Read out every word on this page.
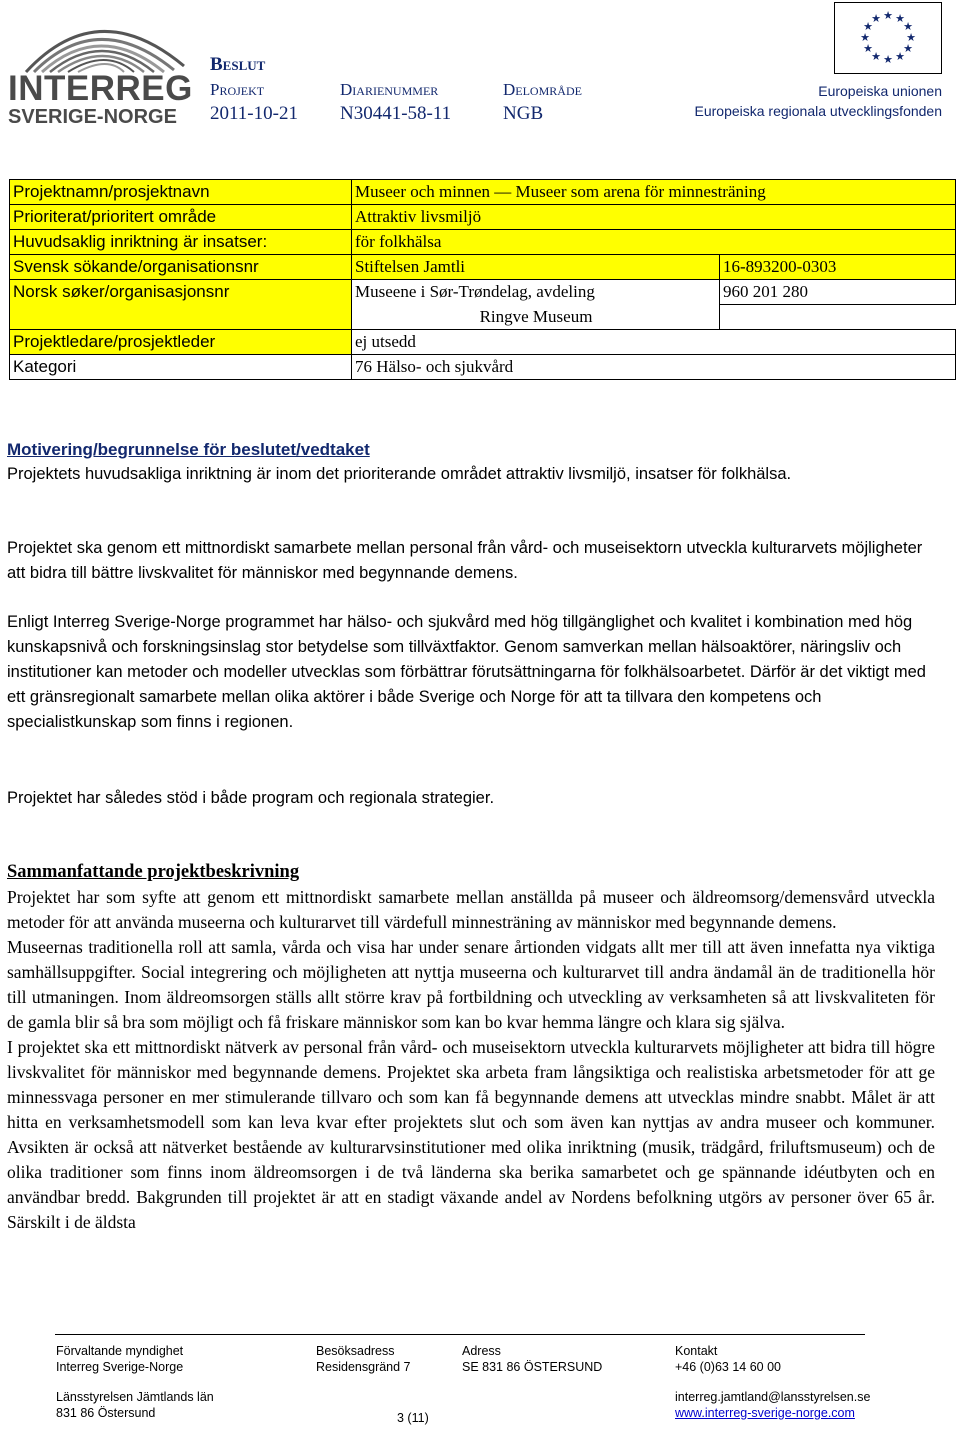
INTERREG
SVERIGE-NORGE
Beslut
Projekt	Diarienummer	Delområde
2011-10-21 N30441-58-11	NGB
★ ★
★
★
★
★
★
★
★
★
★
★
Europeiska unionen
Europeiska regionala utvecklingsfonden
Projektnamn/prosjektnavn	Museer och minnen — Museer som arena för minnesträning	
Prioriterat/prioritert område	Attraktiv livsmiljö	
Huvudsaklig inriktning är insatser:	för folkhälsa	
Svensk sökande/organisationsnr	Stiftelsen Jamtli	16-893200-0303
Norsk søker/organisasjonsnr	Museene i Sør-Trøndelag, avdeling	960 201 280
	Ringve Museum	
Projektledare/prosjektleder	ej utsedd	
Kategori	76 Hälso- och sjukvård	

Motivering/begrunnelse för beslutet/vedtaket

Projektets huvudsakliga inriktning är inom det prioriterande området attraktiv livsmiljö, insatser för folkhälsa.

Projektet ska genom ett mittnordiskt samarbete mellan personal från vård- och museisektorn utveckla kulturarvets möjligheter att bidra till bättre livskvalitet för människor med begynnande demens.
Enligt Interreg Sverige-Norge programmet har hälso- och sjukvård med hög tillgänglighet och kvalitet i kombination med hög kunskapsnivå och forskningsinslag stor betydelse som tillväxtfaktor. Genom samverkan mellan hälsoaktörer, näringsliv och institutioner kan metoder och modeller utvecklas som förbättrar förutsättningarna för folkhälsoarbetet. Därför är det viktigt med ett gränsregionalt samarbete mellan olika aktörer i både Sverige och Norge för att ta tillvara den kompetens och specialistkunskap som finns i regionen.
Projektet har således stöd i både program och regionala strategier.

Sammanfattande projektbeskrivning

Projektet har som syfte att genom ett mittnordiskt samarbete mellan anställda på museer och äldreomsorg/demensvård utveckla metoder för att använda museerna och kulturarvet till värdefull minnesträning av människor med begynnande demens.

Museernas traditionella roll att samla, vårda och visa har under senare årtionden vidgats allt mer till att även innefatta nya viktiga samhällsuppgifter. Social integrering och möjligheten att nyttja museerna och kulturarvet till andra ändamål än de traditionella hör till utmaningen. Inom äldreomsorgen ställs allt större krav på fortbildning och utveckling av verksamheten så att livskvaliteten för de gamla blir så bra som möjligt och få friskare människor som kan bo kvar hemma längre och klara sig själva.

I projektet ska ett mittnordiskt nätverk av personal från vård- och museisektorn utveckla kulturarvets möjligheter att bidra till högre livskvalitet för människor med begynnande demens. Projektet ska arbeta fram långsiktiga och realistiska arbetsmetoder för att ge minnessvaga personer en mer stimulerande tillvaro och som kan få begynnande demens att utvecklas mindre snabbt. Målet är att hitta en verksamhetsmodell som kan leva kvar efter projektets slut och som även kan nyttjas av andra museer och kommuner. Avsikten är också att nätverket bestående av kulturarvsinstitutioner med olika inriktning (musik, trädgård, friluftsmuseum) och de olika traditioner som finns inom äldreomsorgen i de två länderna ska berika samarbetet och ge spännande idéutbyten och en användbar bredd. Bakgrunden till projektet är att en stadigt växande andel av Nordens befolkning utgörs av personer över 65 år. Särskilt i de äldsta

Förvaltande myndighet
Interreg Sverige-Norge
Länsstyrelsen Jämtlands län
831 86 Östersund
Besöksadress
Residensgränd 7
Adress
SE 831 86 ÖSTERSUND
Kontakt
+46 (0)63 14 60 00
interreg.jamtland@lansstyrelsen.se
www.interreg-sverige-norge.com
3 (11)
